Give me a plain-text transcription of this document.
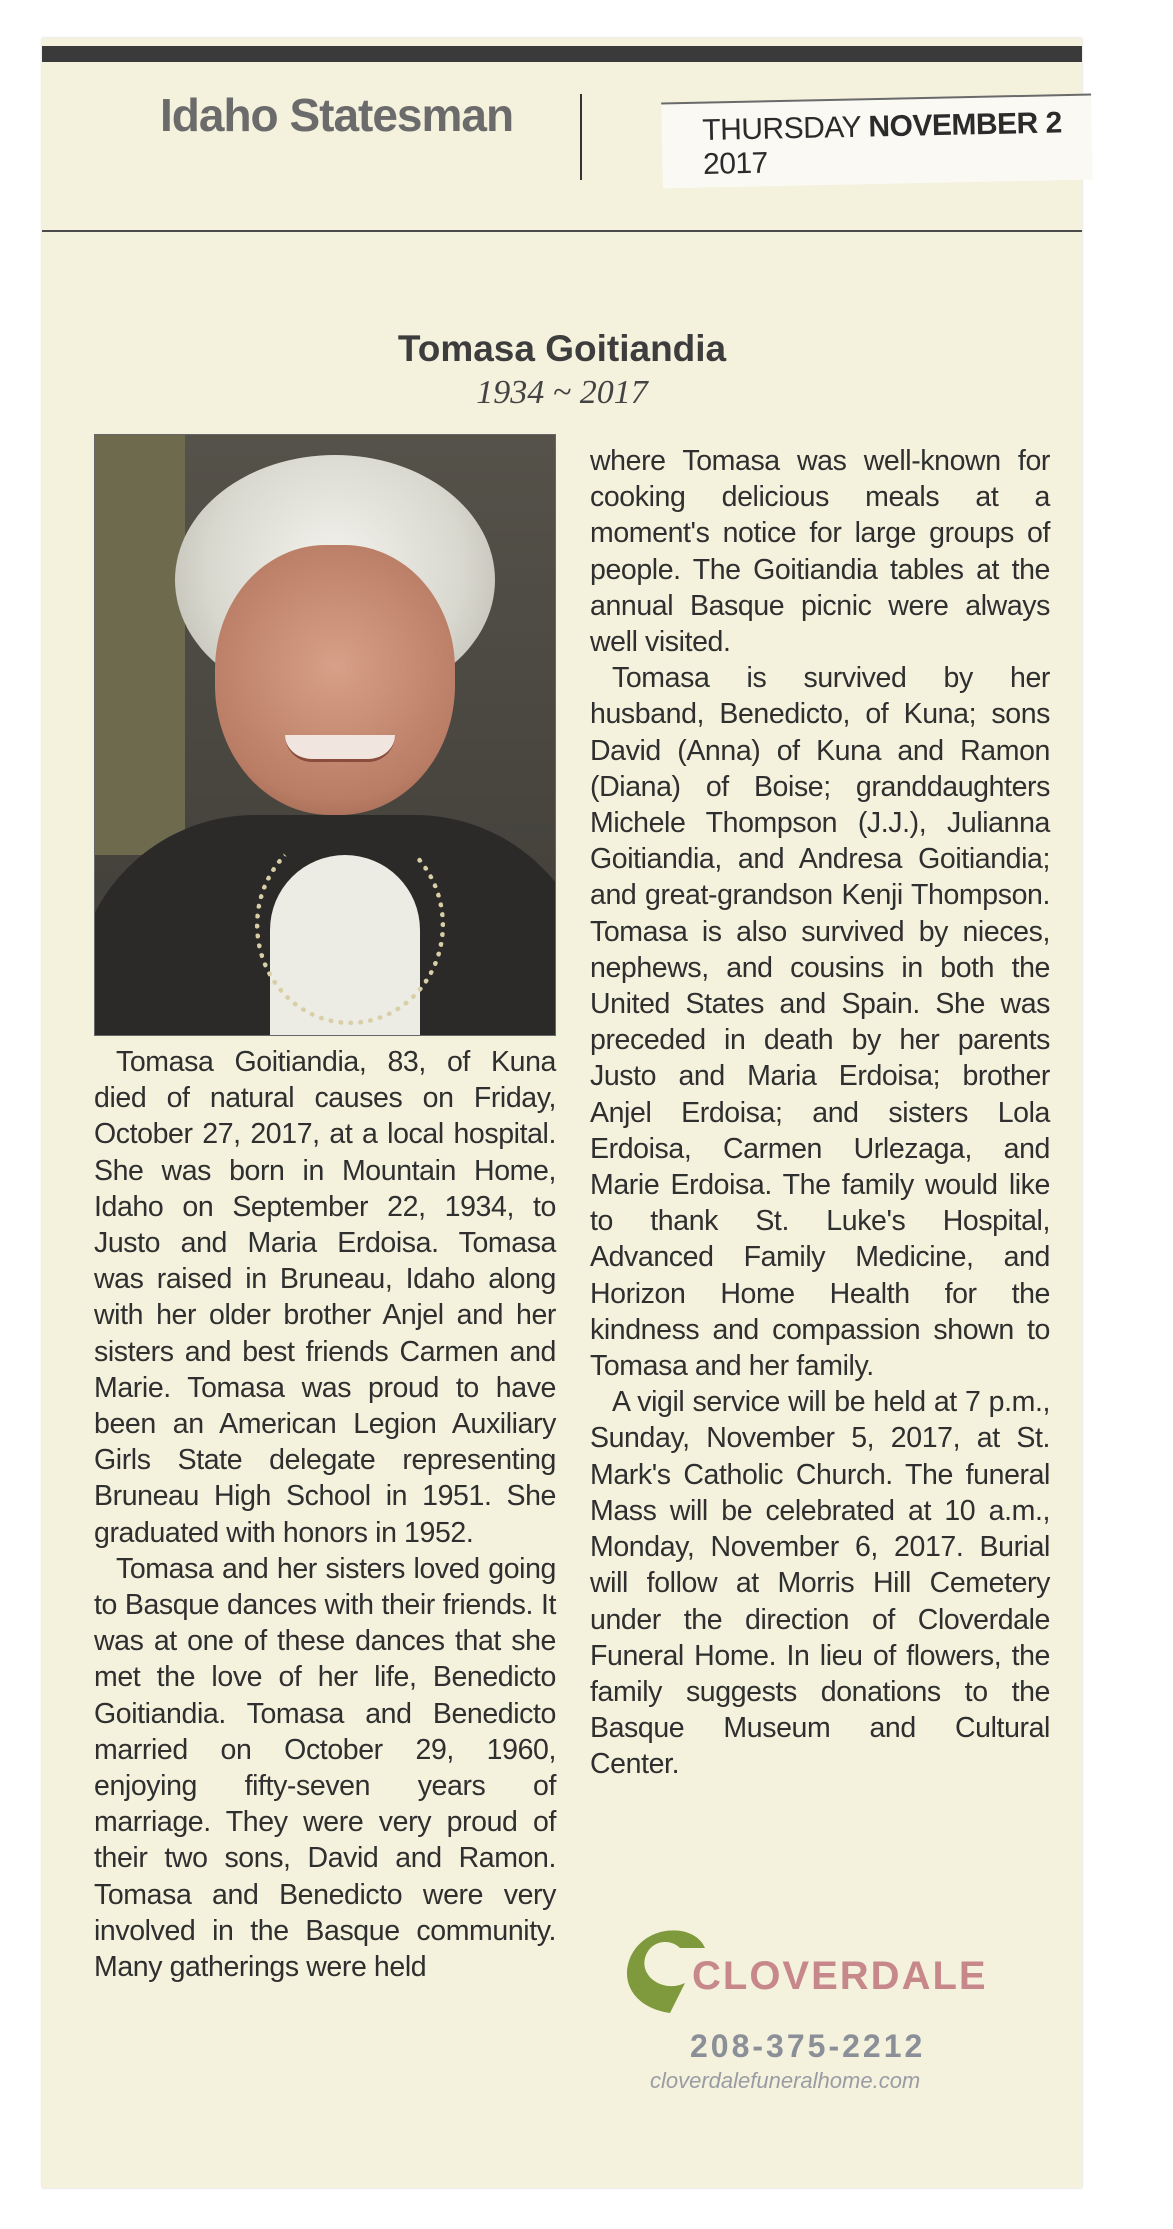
Idaho Statesman	THURSDAY NOVEMBER 2 2017
Tomasa Goitiandia
1934 ~ 2017

Tomasa Goitiandia, 83, of Kuna died of natural causes on Friday, October 27, 2017, at a local hospital. She was born in Mountain Home, Idaho on September 22, 1934, to Justo and Maria Erdoisa. Tomasa was raised in Bruneau, Idaho along with her older brother Anjel and her sisters and best friends Carmen and Marie. Tomasa was proud to have been an American Legion Auxiliary Girls State delegate representing Bruneau High School in 1951. She graduated with honors in 1952.

Tomasa and her sisters loved going to Basque dances with their friends. It was at one of these dances that she met the love of her life, Benedicto Goitiandia. Tomasa and Benedicto married on October 29, 1960, enjoying fifty-seven years of marriage. They were very proud of their two sons, David and Ramon. Tomasa and Benedicto were very involved in the Basque community. Many gatherings were held

where Tomasa was well-known for cooking delicious meals at a moment's notice for large groups of people. The Goitiandia tables at the annual Basque picnic were always well visited.

Tomasa is survived by her husband, Benedicto, of Kuna; sons David (Anna) of Kuna and Ramon (Diana) of Boise; granddaughters Michele Thompson (J.J.), Julianna Goitiandia, and Andresa Goitiandia; and great-grandson Kenji Thompson. Tomasa is also survived by nieces, nephews, and cousins in both the United States and Spain. She was preceded in death by her parents Justo and Maria Erdoisa; brother Anjel Erdoisa; and sisters Lola Erdoisa, Carmen Urlezaga, and Marie Erdoisa. The family would like to thank St. Luke's Hospital, Advanced Family Medicine, and Horizon Home Health for the kindness and compassion shown to Tomasa and her family.

A vigil service will be held at 7 p.m., Sunday, November 5, 2017, at St. Mark's Catholic Church. The funeral Mass will be celebrated at 10 a.m., Monday, November 6, 2017. Burial will follow at Morris Hill Cemetery under the direction of Cloverdale Funeral Home. In lieu of flowers, the family suggests donations to the Basque Museum and Cultural Center.

CLOVERDALE
208-375-2212
cloverdalefuneralhome.com
